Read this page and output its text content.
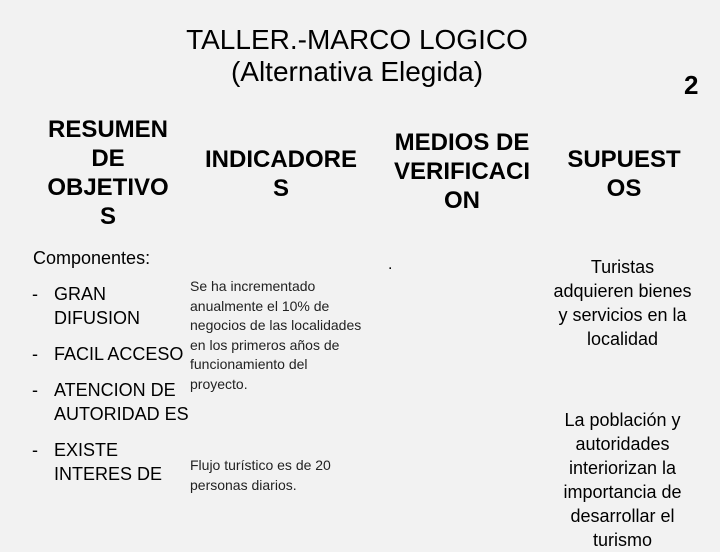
TALLER.-MARCO LOGICO
(Alternativa Elegida)	2
RESUMEN
DE
OBJETIVO
S
INDICADORE
S
MEDIOS DE
VERIFICACI
ON
SUPUEST
OS
Componentes:
- GRAN DIFUSION
- FACIL ACCESO
- ATENCION DE AUTORIDAD ES
- EXISTE INTERES DE
Se ha incrementado anualmente el 10% de negocios de las localidades en los primeros años de funcionamiento del proyecto.
Flujo turístico es de 20 personas diarios.
.	Turistas adquieren bienes y servicios en la localidad
La población y autoridades interiorizan la importancia de desarrollar el turismo
